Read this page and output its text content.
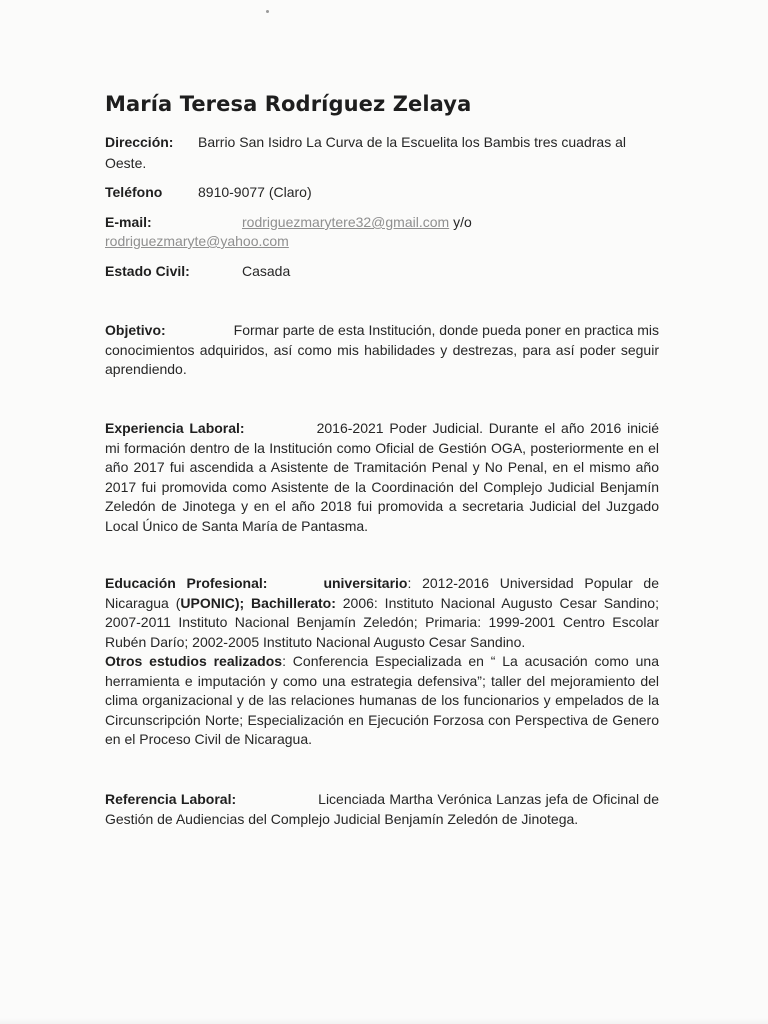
María Teresa Rodríguez Zelaya
Dirección: Barrio San Isidro La Curva de la Escuelita los Bambis tres cuadras al
Oeste.
Teléfono	8910-9077 (Claro)
E-mail:	rodriguezmarytere32@gmail.com y/o
rodriguezmaryte@yahoo.com
Estado Civil:	Casada

Objetivo:	Formar parte de esta Institución, donde pueda poner en practica mis conocimientos adquiridos, así como mis habilidades y destrezas, para así poder seguir aprendiendo.

Experiencia Laboral:	2016-2021 Poder Judicial. Durante el año 2016 inicié mi formación dentro de la Institución como Oficial de Gestión OGA, posteriormente en el año 2017 fui ascendida a Asistente de Tramitación Penal y No Penal, en el mismo año 2017 fui promovida como Asistente de la Coordinación del Complejo Judicial Benjamín Zeledón de Jinotega y en el año 2018 fui promovida a secretaria Judicial del Juzgado Local Único de Santa María de Pantasma.

Educación Profesional:	universitario: 2012-2016 Universidad Popular de Nicaragua (UPONIC); Bachillerato: 2006: Instituto Nacional Augusto Cesar Sandino; 2007-2011 Instituto Nacional Benjamín Zeledón; Primaria: 1999-2001 Centro Escolar Rubén Darío; 2002-2005 Instituto Nacional Augusto Cesar Sandino.
Otros estudios realizados: Conferencia Especializada en “ La acusación como una herramienta e imputación y como una estrategia defensiva”; taller del mejoramiento del clima organizacional y de las relaciones humanas de los funcionarios y empelados de la Circunscripción Norte; Especialización en Ejecución Forzosa con Perspectiva de Genero en el Proceso Civil de Nicaragua.

Referencia Laboral:	Licenciada Martha Verónica Lanzas jefa de Oficinal de Gestión de Audiencias del Complejo Judicial Benjamín Zeledón de Jinotega.
